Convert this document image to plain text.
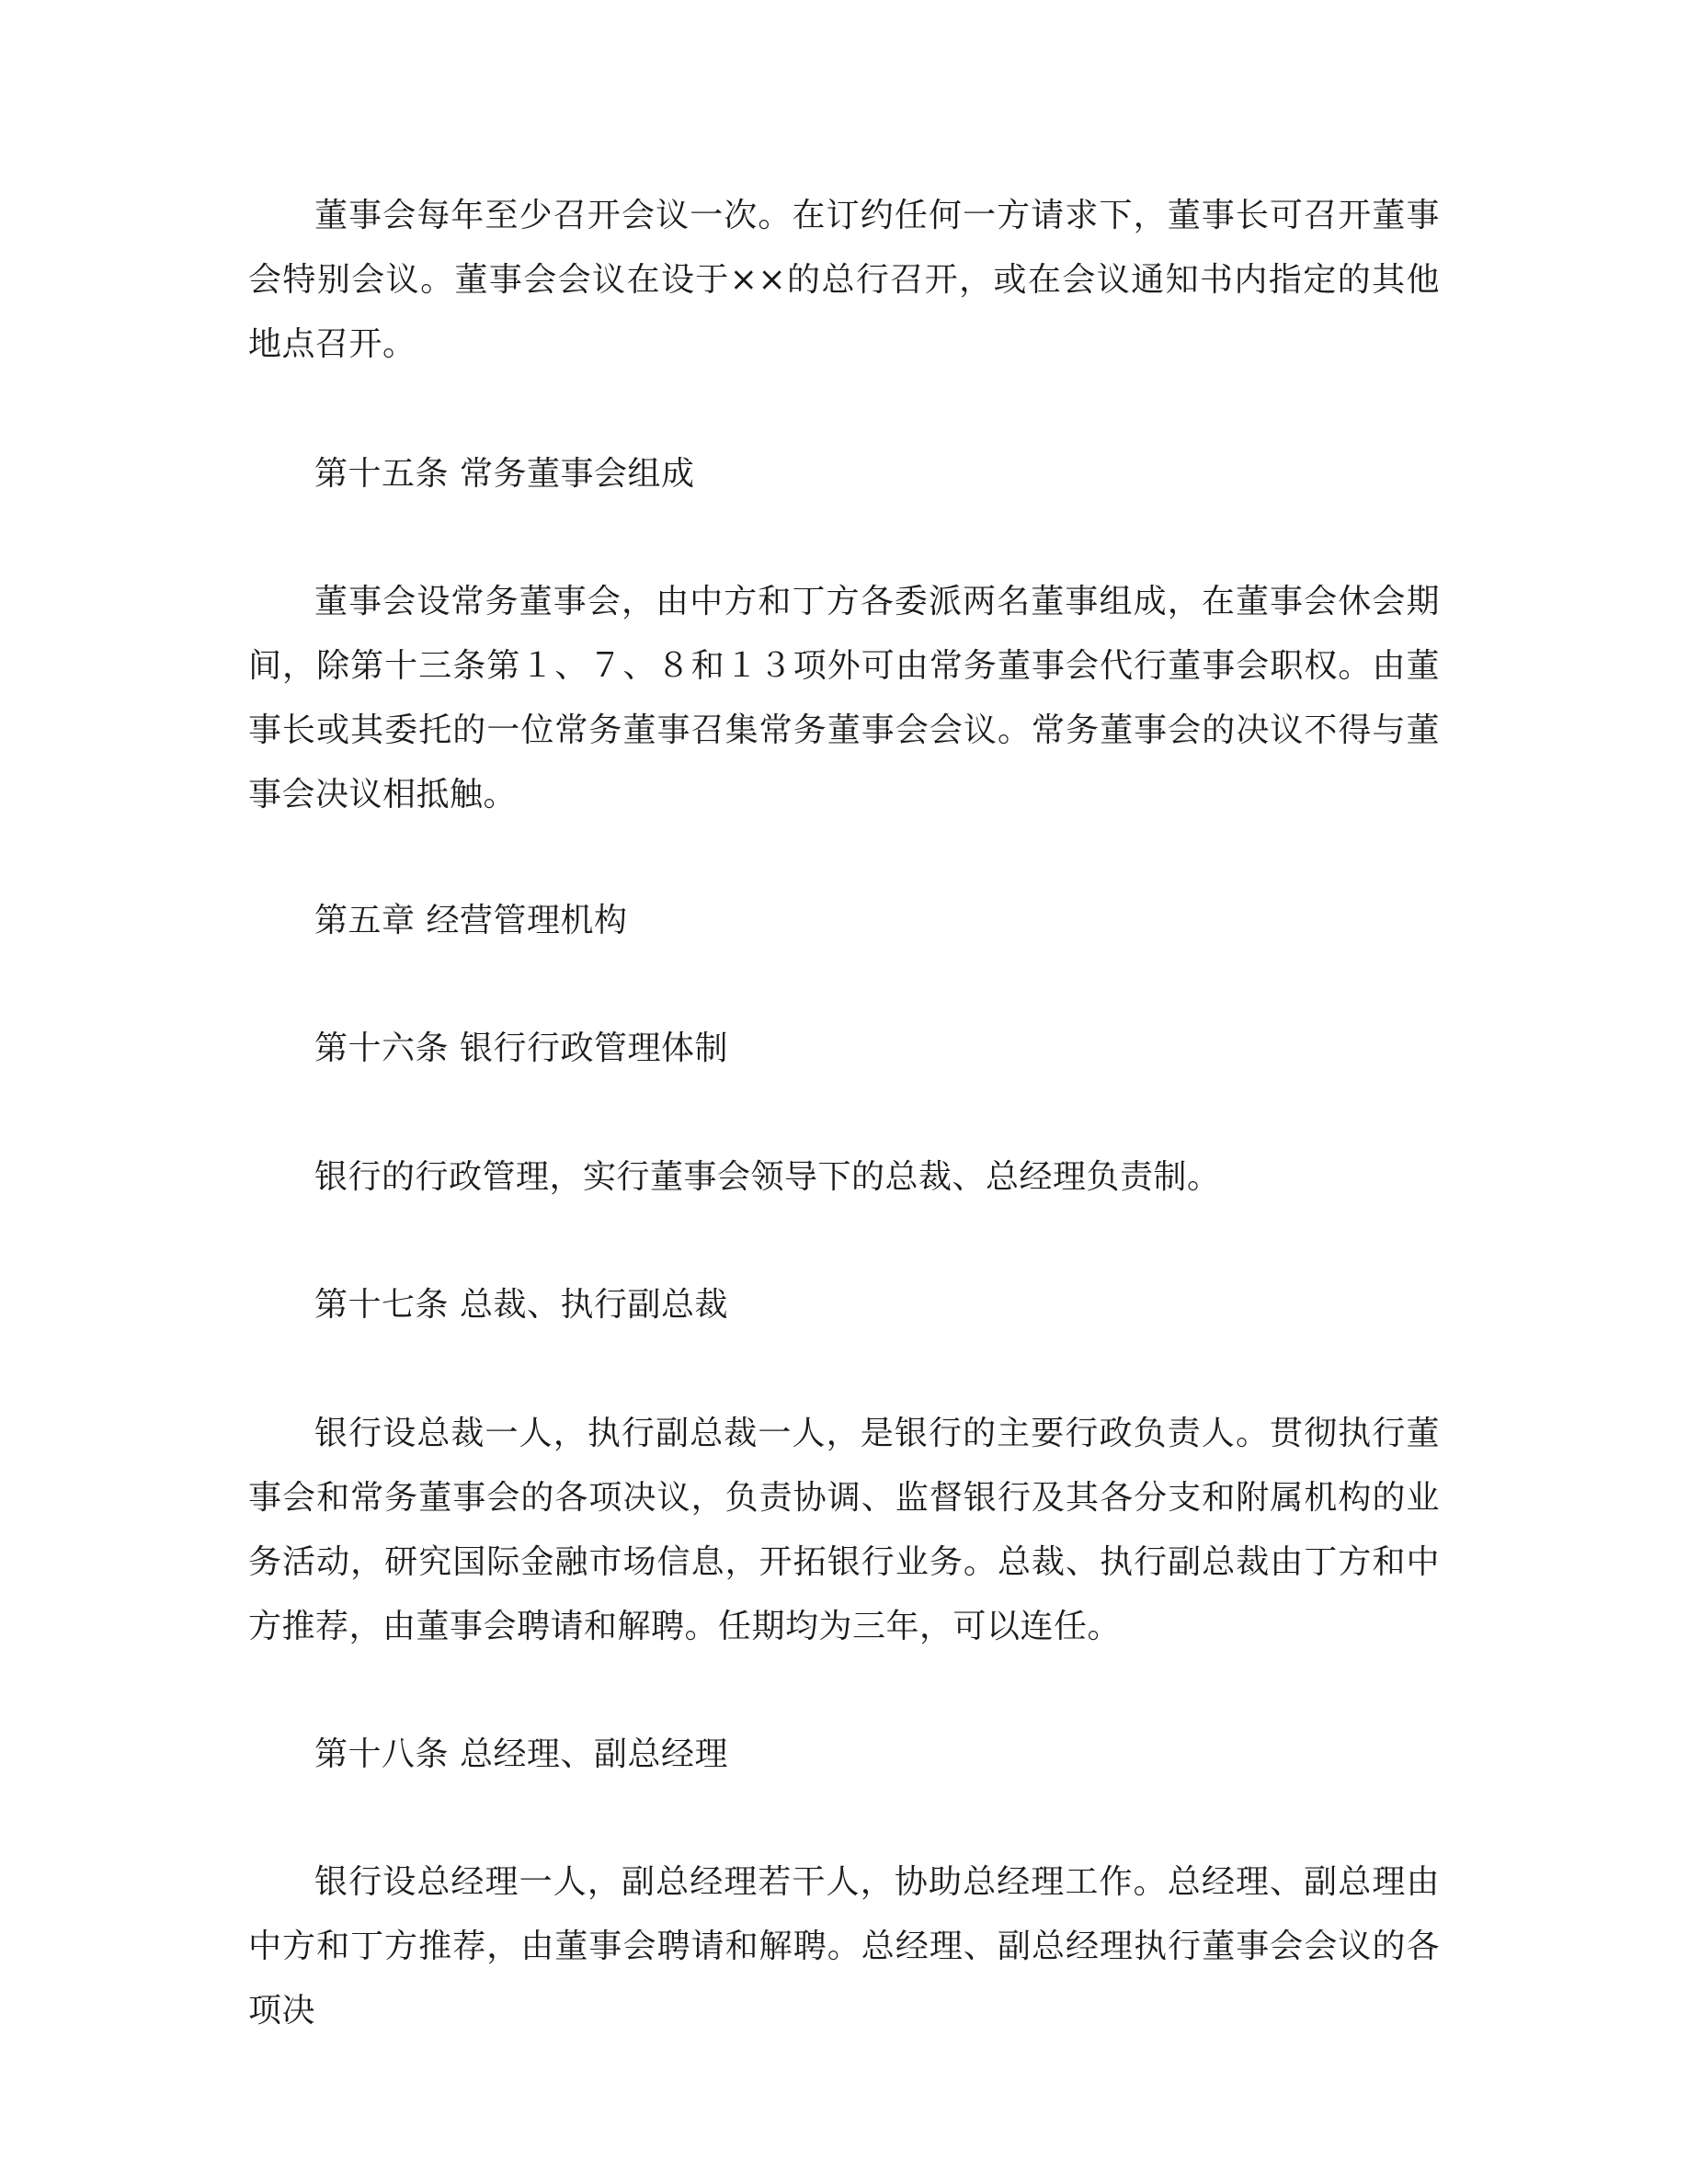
董事会每年至少召开会议一次。在订约任何一方请求下，董事长可召开董事会特别会议。董事会会议在设于××的总行召开，或在会议通知书内指定的其他地点召开。

第十五条 常务董事会组成

董事会设常务董事会，由中方和丁方各委派两名董事组成，在董事会休会期间，除第十三条第１、７、８和１３项外可由常务董事会代行董事会职权。由董事长或其委托的一位常务董事召集常务董事会会议。常务董事会的决议不得与董事会决议相抵触。

第五章 经营管理机构

第十六条 银行行政管理体制

银行的行政管理，实行董事会领导下的总裁、总经理负责制。

第十七条 总裁、执行副总裁

银行设总裁一人，执行副总裁一人，是银行的主要行政负责人。贯彻执行董事会和常务董事会的各项决议，负责协调、监督银行及其各分支和附属机构的业务活动，研究国际金融市场信息，开拓银行业务。总裁、执行副总裁由丁方和中方推荐，由董事会聘请和解聘。任期均为三年，可以连任。

第十八条 总经理、副总经理

银行设总经理一人，副总经理若干人，协助总经理工作。总经理、副总理由中方和丁方推荐，由董事会聘请和解聘。总经理、副总经理执行董事会会议的各项决
